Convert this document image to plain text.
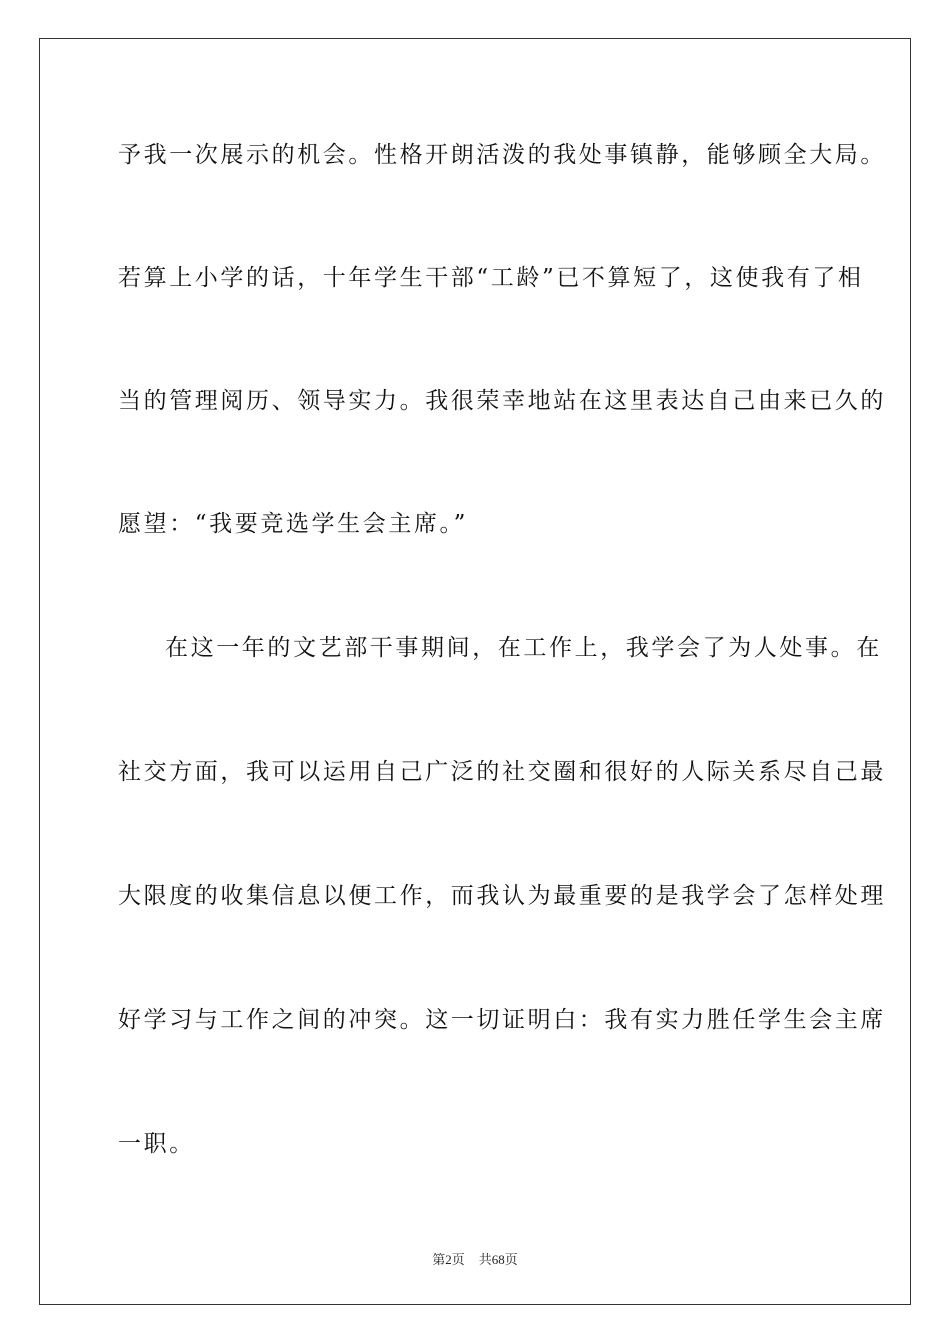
予我一次展示的机会。性格开朗活泼的我处事镇静，能够顾全大局。
若算上小学的话，十年学生干部“工龄”已不算短了，这使我有了相
当的管理阅历、领导实力。我很荣幸地站在这里表达自己由来已久的
愿望：“我要竞选学生会主席。”
在这一年的文艺部干事期间，在工作上，我学会了为人处事。在
社交方面，我可以运用自己广泛的社交圈和很好的人际关系尽自己最
大限度的收集信息以便工作，而我认为最重要的是我学会了怎样处理
好学习与工作之间的冲突。这一切证明白：我有实力胜任学生会主席
一职。
第2页 共68页
